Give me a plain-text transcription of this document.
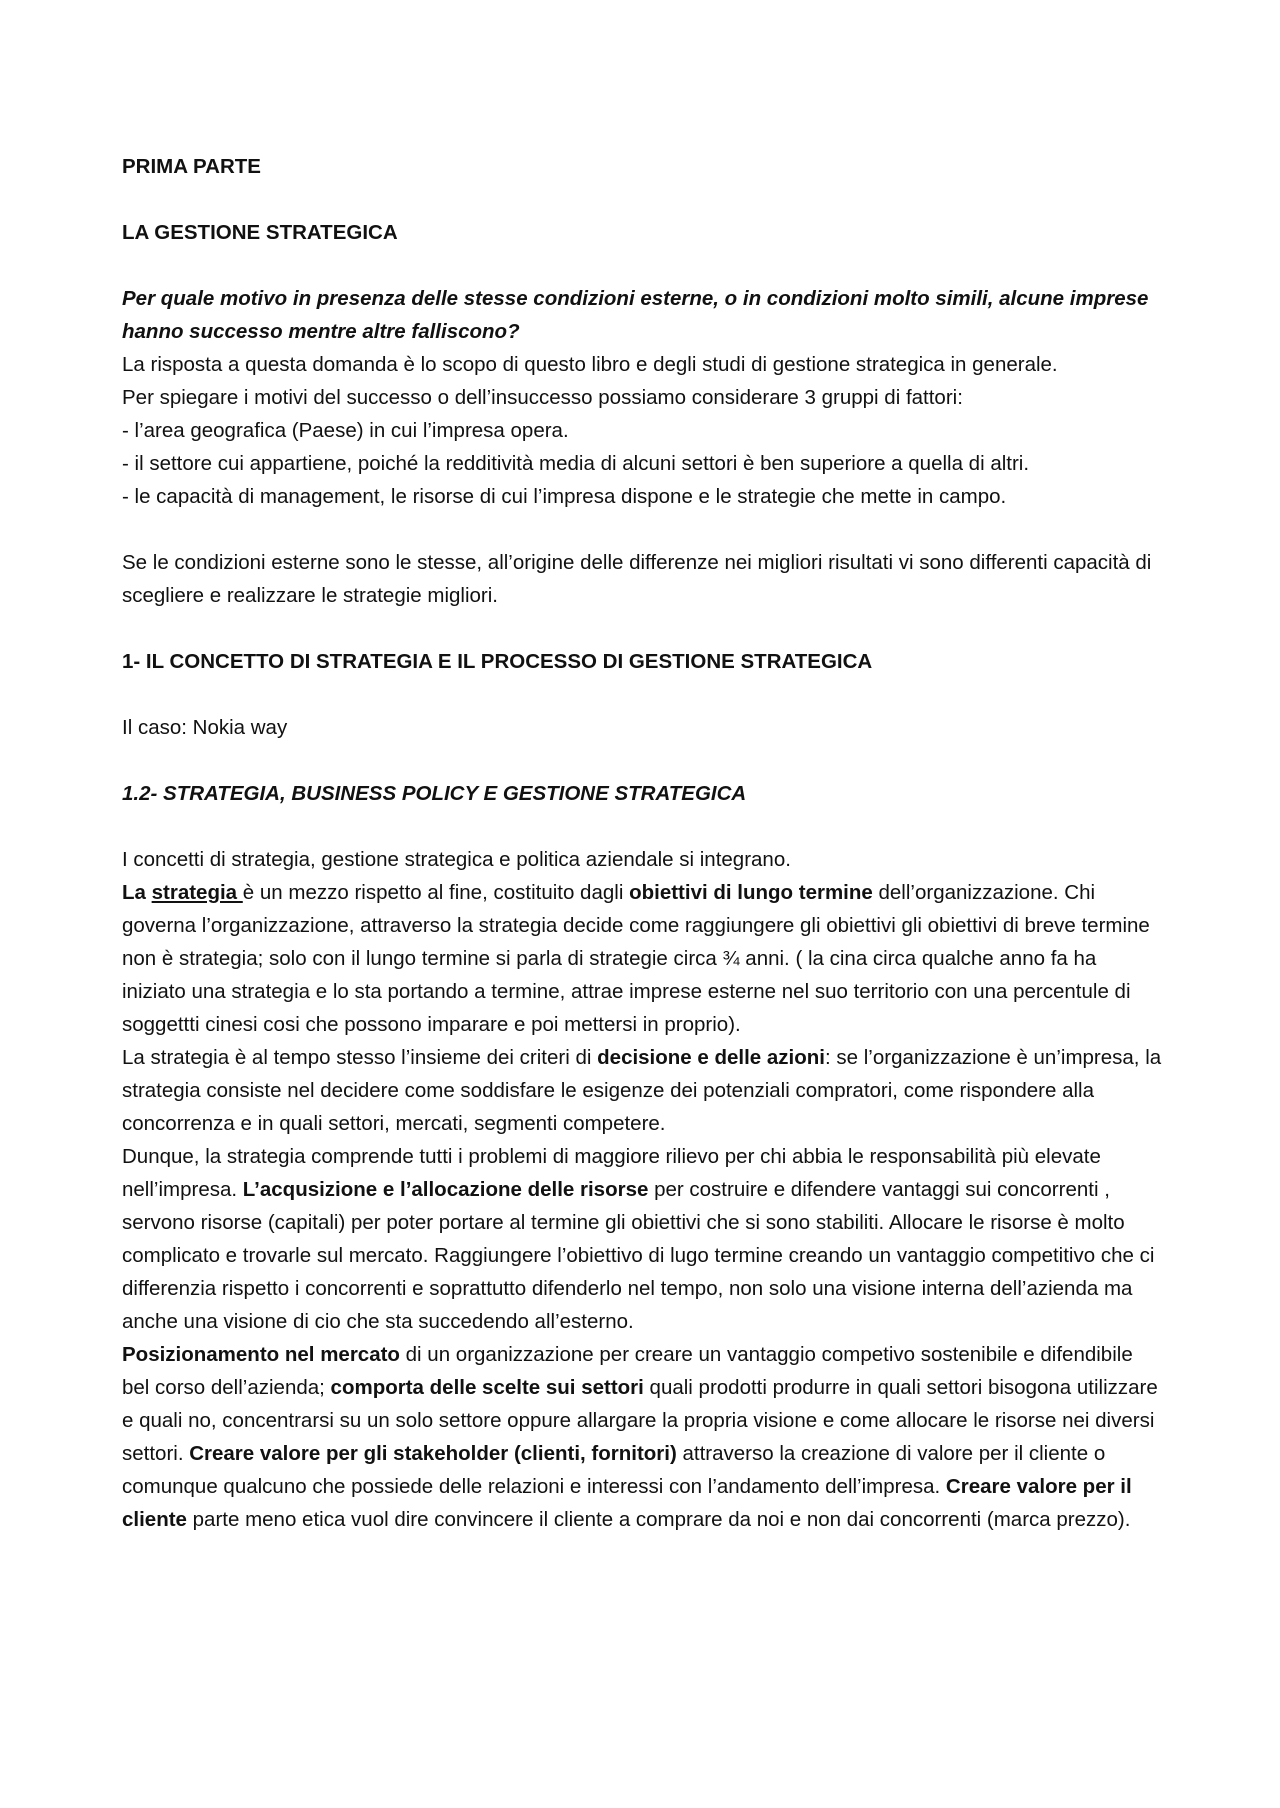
PRIMA PARTE

LA GESTIONE STRATEGICA

Per quale motivo in presenza delle stesse condizioni esterne, o in condizioni molto simili, alcune imprese hanno successo mentre altre falliscono?

La risposta a questa domanda è lo scopo di questo libro e degli studi di gestione strategica in generale.

Per spiegare i motivi del successo o dell’insuccesso possiamo considerare 3 gruppi di fattori:

- l’area geografica (Paese) in cui l’impresa opera.

- il settore cui appartiene, poiché la redditività media di alcuni settori è ben superiore a quella di altri.

- le capacità di management, le risorse di cui l’impresa dispone e le strategie che mette in campo.

Se le condizioni esterne sono le stesse, all’origine delle differenze nei migliori risultati vi sono differenti capacità di scegliere e realizzare le strategie migliori.

1- IL CONCETTO DI STRATEGIA E IL PROCESSO DI GESTIONE STRATEGICA

Il caso: Nokia way

1.2- STRATEGIA, BUSINESS POLICY E GESTIONE STRATEGICA

I concetti di strategia, gestione strategica e politica aziendale si integrano.

La strategia è un mezzo rispetto al fine, costituito dagli obiettivi di lungo termine dell’organizzazione. Chi governa l’organizzazione, attraverso la strategia decide come raggiungere gli obiettivi gli obiettivi di breve termine non è strategia; solo con il lungo termine si parla di strategie circa ¾ anni. ( la cina circa qualche anno fa ha iniziato una strategia e lo sta portando a termine, attrae imprese esterne nel suo territorio con una percentule di soggettti cinesi cosi che possono imparare e poi mettersi in proprio).

La strategia è al tempo stesso l’insieme dei criteri di decisione e delle azioni: se l’organizzazione è un’impresa, la strategia consiste nel decidere come soddisfare le esigenze dei potenziali compratori, come rispondere alla concorrenza e in quali settori, mercati, segmenti competere.

Dunque, la strategia comprende tutti i problemi di maggiore rilievo per chi abbia le responsabilità più elevate nell’impresa. L’acqusizione e l’allocazione delle risorse per costruire e difendere vantaggi sui concorrenti , servono risorse (capitali) per poter portare al termine gli obiettivi che si sono stabiliti. Allocare le risorse è molto complicato e trovarle sul mercato. Raggiungere l’obiettivo di lugo termine creando un vantaggio competitivo che ci differenzia rispetto i concorrenti e soprattutto difenderlo nel tempo, non solo una visione interna dell’azienda ma anche una visione di cio che sta succedendo all’esterno.

Posizionamento nel mercato di un organizzazione per creare un vantaggio competivo sostenibile e difendibile bel corso dell’azienda; comporta delle scelte sui settori quali prodotti produrre in quali settori bisogona utilizzare e quali no, concentrarsi su un solo settore oppure allargare la propria visione e come allocare le risorse nei diversi settori. Creare valore per gli stakeholder (clienti, fornitori) attraverso la creazione di valore per il cliente o comunque qualcuno che possiede delle relazioni e interessi con l’andamento dell’impresa. Creare valore per il cliente parte meno etica vuol dire convincere il cliente a comprare da noi e non dai concorrenti (marca prezzo).
